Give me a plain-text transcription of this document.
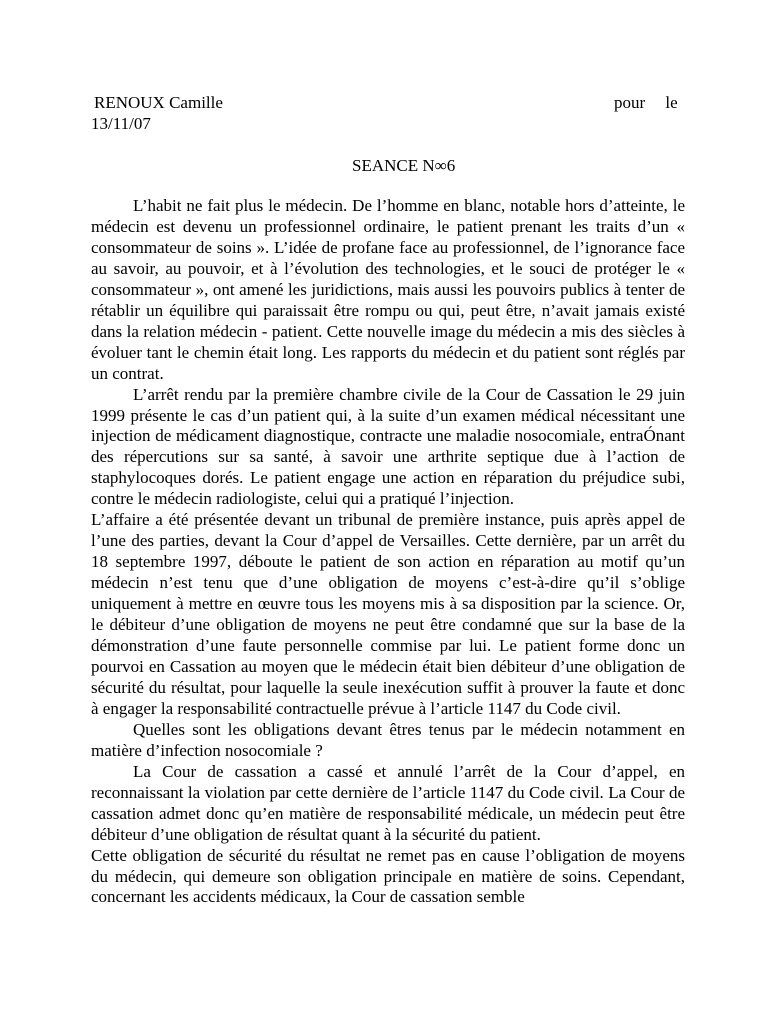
RENOUX Camille	pour le
13/11/07
SEANCE N∞6

L’habit ne fait plus le médecin. De l’homme en blanc, notable hors d’atteinte, le médecin est devenu un professionnel ordinaire, le patient prenant les traits d’un « consommateur de soins ». L’idée de profane face au professionnel, de l’ignorance face au savoir, au pouvoir, et à l’évolution des technologies, et le souci de protéger le « consommateur », ont amené les juridictions, mais aussi les pouvoirs publics à tenter de rétablir un équilibre qui paraissait être rompu ou qui, peut être, n’avait jamais existé dans la relation médecin - patient. Cette nouvelle image du médecin a mis des siècles à évoluer tant le chemin était long. Les rapports du médecin et du patient sont réglés par un contrat.

L’arrêt rendu par la première chambre civile de la Cour de Cassation le 29 juin 1999 présente le cas d’un patient qui, à la suite d’un examen médical nécessitant une injection de médicament diagnostique, contracte une maladie nosocomiale, entraÓnant des répercutions sur sa santé, à savoir une arthrite septique due à l’action de staphylocoques dorés. Le patient engage une action en réparation du préjudice subi, contre le médecin radiologiste, celui qui a pratiqué l’injection.

L’affaire a été présentée devant un tribunal de première instance, puis après appel de l’une des parties, devant la Cour d’appel de Versailles. Cette dernière, par un arrêt du 18 septembre 1997, déboute le patient de son action en réparation au motif qu’un médecin n’est tenu que d’une obligation de moyens c’est-à-dire qu’il s’oblige uniquement à mettre en œuvre tous les moyens mis à sa disposition par la science. Or, le débiteur d’une obligation de moyens ne peut être condamné que sur la base de la démonstration d’une faute personnelle commise par lui. Le patient forme donc un pourvoi en Cassation au moyen que le médecin était bien débiteur d’une obligation de sécurité du résultat, pour laquelle la seule inexécution suffit à prouver la faute et donc à engager la responsabilité contractuelle prévue à l’article 1147 du Code civil.

Quelles sont les obligations devant êtres tenus par le médecin notamment en matière d’infection nosocomiale ?

La Cour de cassation a cassé et annulé l’arrêt de la Cour d’appel, en reconnaissant la violation par cette dernière de l’article 1147 du Code civil. La Cour de cassation admet donc qu’en matière de responsabilité médicale, un médecin peut être débiteur d’une obligation de résultat quant à la sécurité du patient.

Cette obligation de sécurité du résultat ne remet pas en cause l’obligation de moyens du médecin, qui demeure son obligation principale en matière de soins. Cependant, concernant les accidents médicaux, la Cour de cassation semble
